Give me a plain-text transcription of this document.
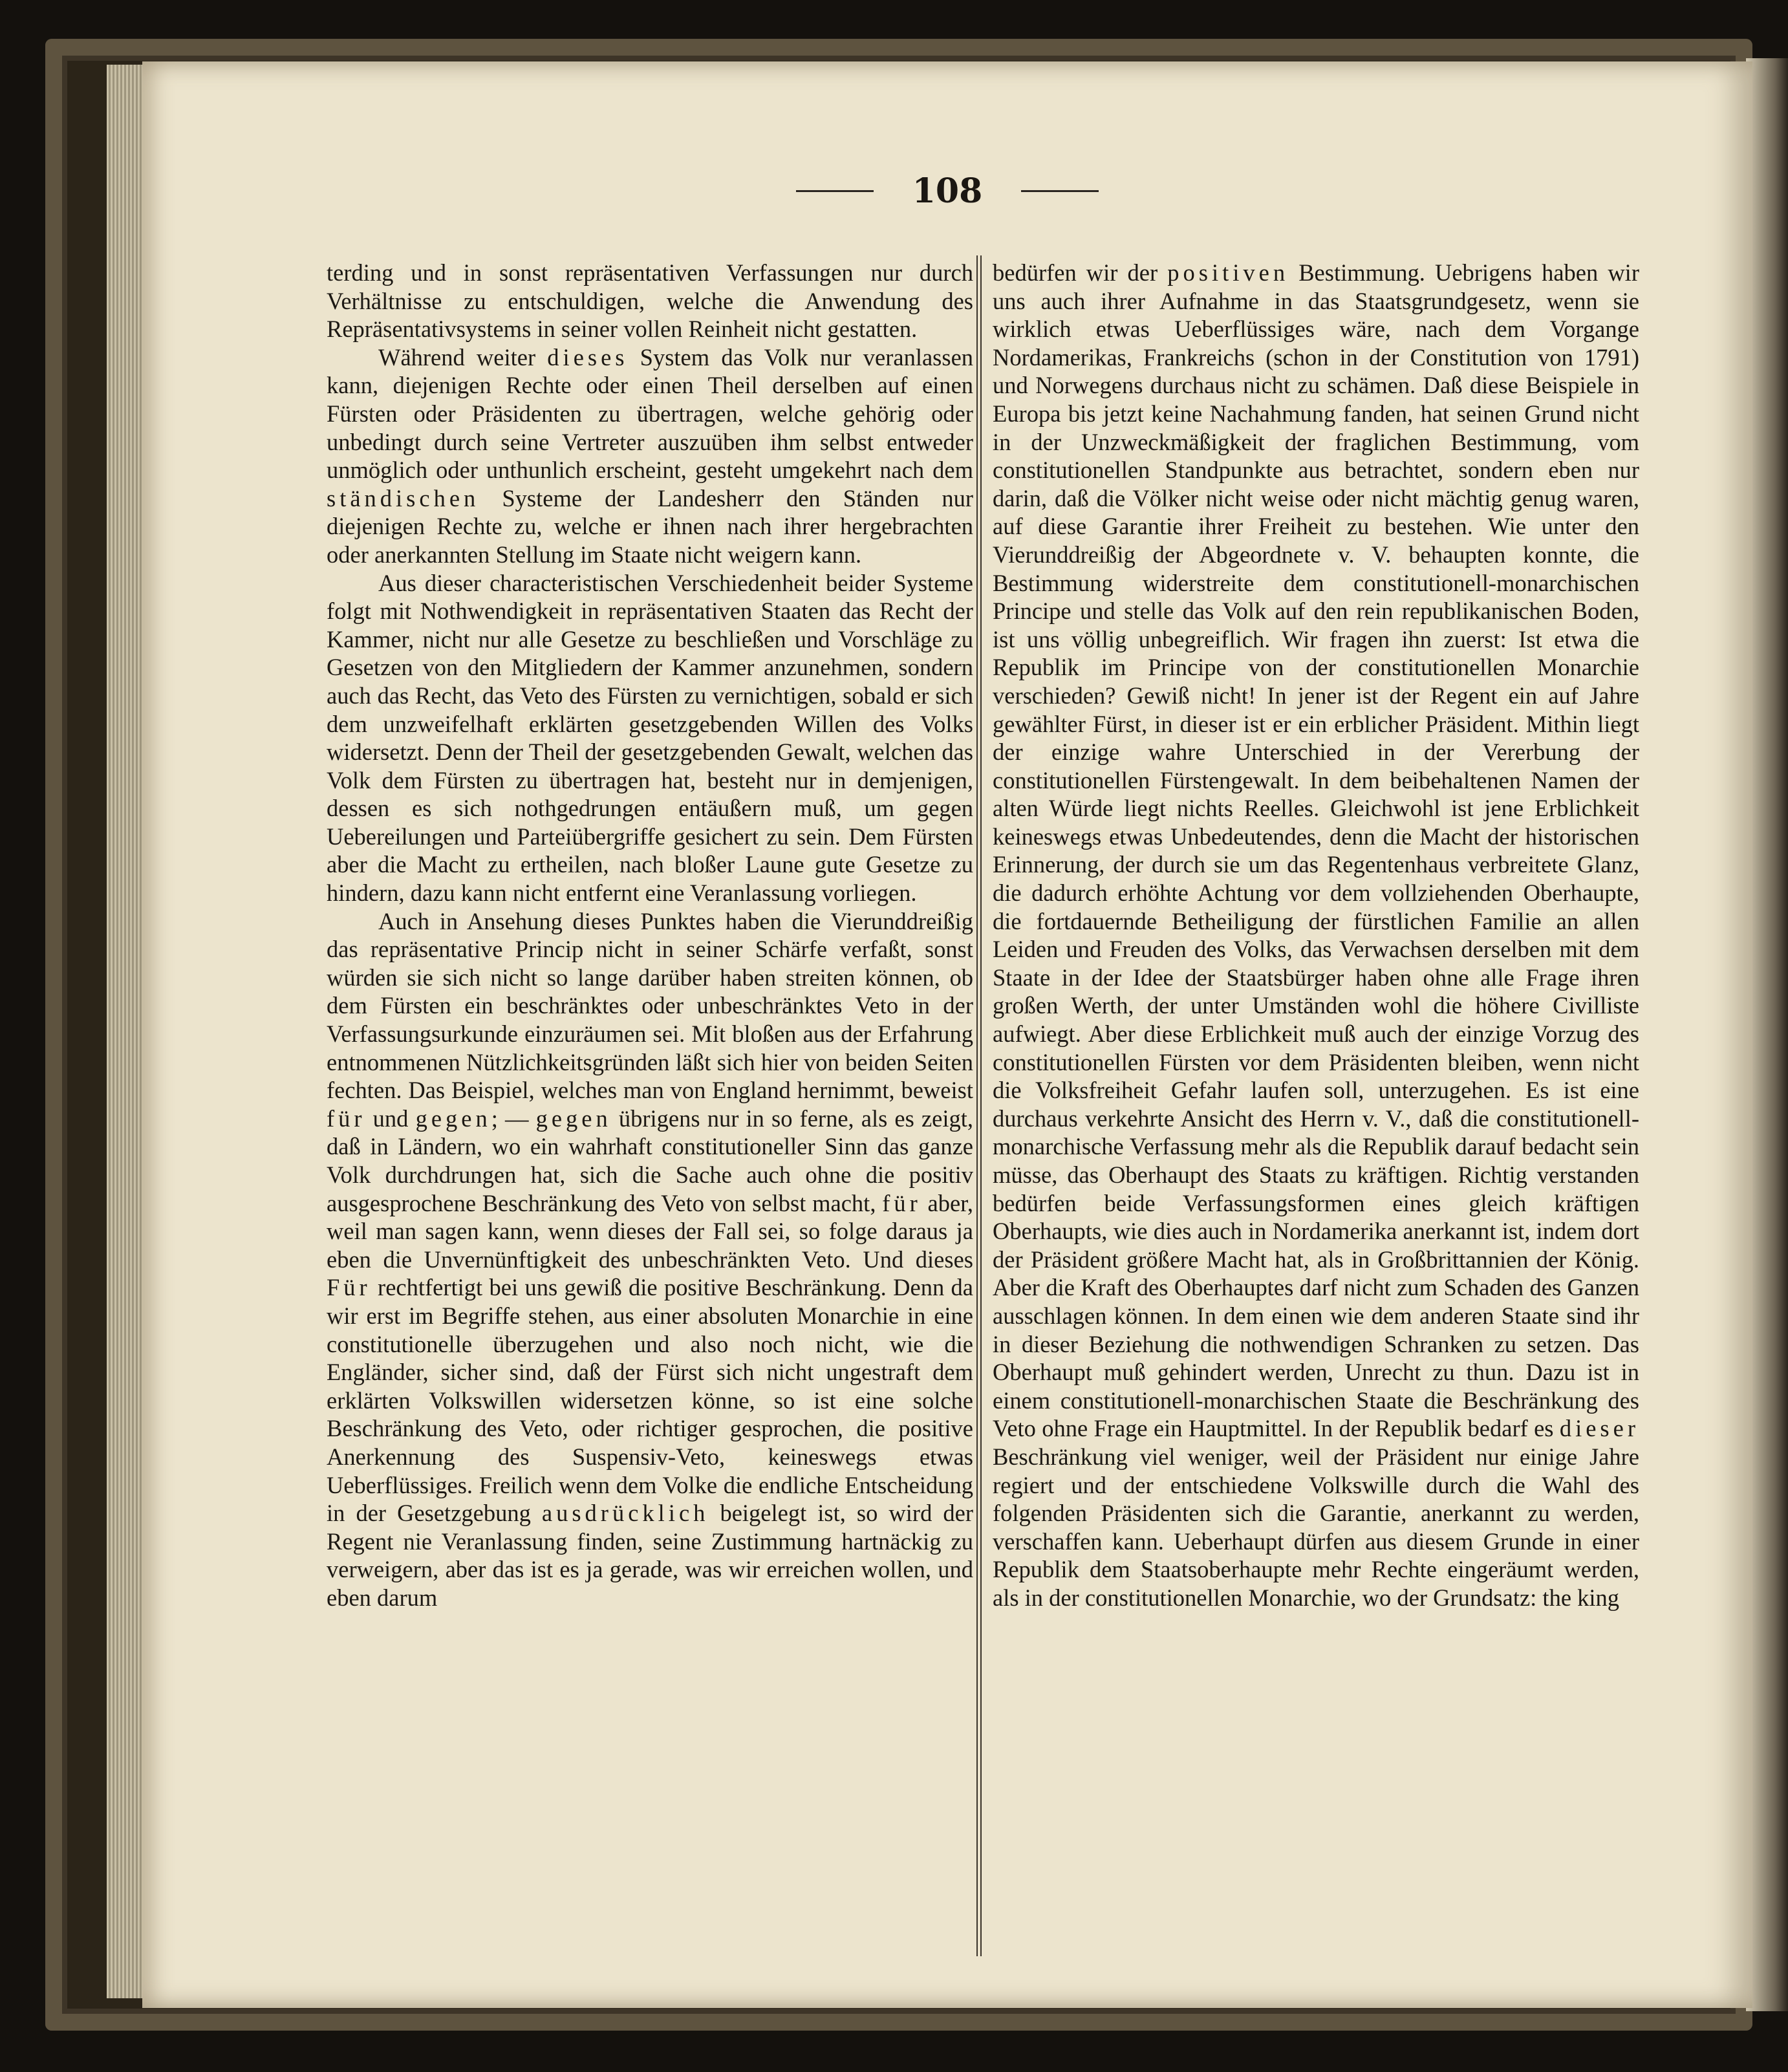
108

terding und in sonst repräsentativen Verfassungen nur durch Verhältnisse zu entschuldigen, welche die Anwendung des Repräsentativsystems in seiner vollen Reinheit nicht gestatten.

Während weiter dieses System das Volk nur veranlassen kann, diejenigen Rechte oder einen Theil derselben auf einen Fürsten oder Präsidenten zu übertragen, welche gehörig oder unbedingt durch seine Vertreter auszuüben ihm selbst entweder unmöglich oder unthunlich erscheint, gesteht umgekehrt nach dem ständischen Systeme der Landesherr den Ständen nur diejenigen Rechte zu, welche er ihnen nach ihrer hergebrachten oder anerkannten Stellung im Staate nicht weigern kann.

Aus dieser characteristischen Verschiedenheit beider Systeme folgt mit Nothwendigkeit in repräsentativen Staaten das Recht der Kammer, nicht nur alle Gesetze zu beschließen und Vorschläge zu Gesetzen von den Mitgliedern der Kammer anzunehmen, sondern auch das Recht, das Veto des Fürsten zu vernichtigen, sobald er sich dem unzweifelhaft erklärten gesetzgebenden Willen des Volks widersetzt. Denn der Theil der gesetzgebenden Gewalt, welchen das Volk dem Fürsten zu übertragen hat, besteht nur in demjenigen, dessen es sich nothgedrungen entäußern muß, um gegen Uebereilungen und Parteiübergriffe gesichert zu sein. Dem Fürsten aber die Macht zu ertheilen, nach bloßer Laune gute Gesetze zu hindern, dazu kann nicht entfernt eine Veranlassung vorliegen.

Auch in Ansehung dieses Punktes haben die Vierunddreißig das repräsentative Princip nicht in seiner Schärfe verfaßt, sonst würden sie sich nicht so lange darüber haben streiten können, ob dem Fürsten ein beschränktes oder unbeschränktes Veto in der Verfassungsurkunde einzuräumen sei. Mit bloßen aus der Erfahrung entnommenen Nützlichkeitsgründen läßt sich hier von beiden Seiten fechten. Das Beispiel, welches man von England hernimmt, beweist für und gegen; — gegen übrigens nur in so ferne, als es zeigt, daß in Ländern, wo ein wahrhaft constitutioneller Sinn das ganze Volk durchdrungen hat, sich die Sache auch ohne die positiv ausgesprochene Beschränkung des Veto von selbst macht, für aber, weil man sagen kann, wenn dieses der Fall sei, so folge daraus ja eben die Unvernünftigkeit des unbeschränkten Veto. Und dieses Für rechtfertigt bei uns gewiß die positive Beschränkung. Denn da wir erst im Begriffe stehen, aus einer absoluten Monarchie in eine constitutionelle überzugehen und also noch nicht, wie die Engländer, sicher sind, daß der Fürst sich nicht ungestraft dem erklärten Volkswillen widersetzen könne, so ist eine solche Beschränkung des Veto, oder richtiger gesprochen, die positive Anerkennung des Suspensiv-Veto, keineswegs etwas Ueberflüssiges. Freilich wenn dem Volke die endliche Entscheidung in der Gesetzgebung ausdrücklich beigelegt ist, so wird der Regent nie Veranlassung finden, seine Zustimmung hartnäckig zu verweigern, aber das ist es ja gerade, was wir erreichen wollen, und eben darum

bedürfen wir der positiven Bestimmung. Uebrigens haben wir uns auch ihrer Aufnahme in das Staatsgrundgesetz, wenn sie wirklich etwas Ueberflüssiges wäre, nach dem Vorgange Nordamerikas, Frankreichs (schon in der Constitution von 1791) und Norwegens durchaus nicht zu schämen. Daß diese Beispiele in Europa bis jetzt keine Nachahmung fanden, hat seinen Grund nicht in der Unzweckmäßigkeit der fraglichen Bestimmung, vom constitutionellen Standpunkte aus betrachtet, sondern eben nur darin, daß die Völker nicht weise oder nicht mächtig genug waren, auf diese Garantie ihrer Freiheit zu bestehen. Wie unter den Vierunddreißig der Abgeordnete v. V. behaupten konnte, die Bestimmung widerstreite dem constitutionell-monarchischen Principe und stelle das Volk auf den rein republikanischen Boden, ist uns völlig unbegreiflich. Wir fragen ihn zuerst: Ist etwa die Republik im Principe von der constitutionellen Monarchie verschieden? Gewiß nicht! In jener ist der Regent ein auf Jahre gewählter Fürst, in dieser ist er ein erblicher Präsident. Mithin liegt der einzige wahre Unterschied in der Vererbung der constitutionellen Fürstengewalt. In dem beibehaltenen Namen der alten Würde liegt nichts Reelles. Gleichwohl ist jene Erblichkeit keineswegs etwas Unbedeutendes, denn die Macht der historischen Erinnerung, der durch sie um das Regentenhaus verbreitete Glanz, die dadurch erhöhte Achtung vor dem vollziehenden Oberhaupte, die fortdauernde Betheiligung der fürstlichen Familie an allen Leiden und Freuden des Volks, das Verwachsen derselben mit dem Staate in der Idee der Staatsbürger haben ohne alle Frage ihren großen Werth, der unter Umständen wohl die höhere Civilliste aufwiegt. Aber diese Erblichkeit muß auch der einzige Vorzug des constitutionellen Fürsten vor dem Präsidenten bleiben, wenn nicht die Volksfreiheit Gefahr laufen soll, unterzugehen. Es ist eine durchaus verkehrte Ansicht des Herrn v. V., daß die constitutionell-monarchische Verfassung mehr als die Republik darauf bedacht sein müsse, das Oberhaupt des Staats zu kräftigen. Richtig verstanden bedürfen beide Verfassungsformen eines gleich kräftigen Oberhaupts, wie dies auch in Nordamerika anerkannt ist, indem dort der Präsident größere Macht hat, als in Großbrittannien der König. Aber die Kraft des Oberhauptes darf nicht zum Schaden des Ganzen ausschlagen können. In dem einen wie dem anderen Staate sind ihr in dieser Beziehung die nothwendigen Schranken zu setzen. Das Oberhaupt muß gehindert werden, Unrecht zu thun. Dazu ist in einem constitutionell-monarchischen Staate die Beschränkung des Veto ohne Frage ein Hauptmittel. In der Republik bedarf es dieser Beschränkung viel weniger, weil der Präsident nur einige Jahre regiert und der entschiedene Volkswille durch die Wahl des folgenden Präsidenten sich die Garantie, anerkannt zu werden, verschaffen kann. Ueberhaupt dürfen aus diesem Grunde in einer Republik dem Staatsoberhaupte mehr Rechte eingeräumt werden, als in der constitutionellen Monarchie, wo der Grundsatz: the king
